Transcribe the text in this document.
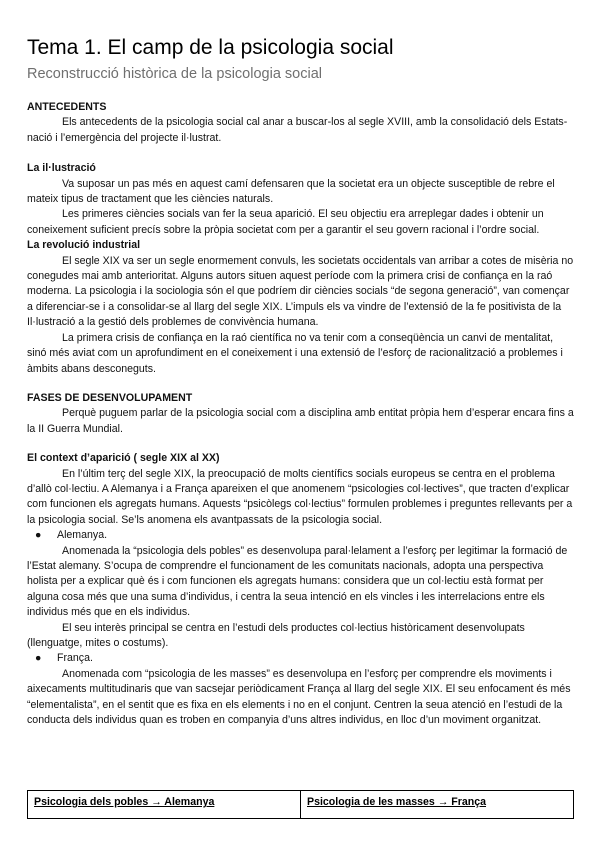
Tema 1. El camp de la psicologia social
Reconstrucció històrica de la psicologia social

ANTECEDENTS

Els antecedents de la psicologia social cal anar a buscar-los al segle XVIII, amb la consolidació dels Estats-nació i l’emergència del projecte il·lustrat.

La il·lustració

Va suposar un pas més en aquest camí defensaren que la societat era un objecte susceptible de rebre el mateix tipus de tractament que les ciències naturals.

Les primeres ciències socials van fer la seua aparició. El seu objectiu era arreplegar dades i obtenir un coneixement suficient precís sobre la pròpia societat com per a garantir el seu govern racional i l’ordre social.

La revolució industrial

El segle XIX va ser un segle enormement convuls, les societats occidentals van arribar a cotes de misèria no conegudes mai amb anterioritat. Alguns autors situen aquest període com la primera crisi de confiança en la raó moderna. La psicologia i la sociologia són el que podríem dir ciències socials “de segona generació”, van començar a diferenciar-se i a consolidar-se al llarg del segle XIX. L’impuls els va vindre de l’extensió de la fe positivista de la Il·lustració a la gestió dels problemes de convivència humana.

La primera crisis de confiança en la raó científica no va tenir com a conseqüència un canvi de mentalitat, sinó més aviat com un aprofundiment en el coneixement i una extensió de l’esforç de racionalització a problemes i àmbits abans desconeguts.

FASES DE DESENVOLUPAMENT

Perquè puguem parlar de la psicologia social com a disciplina amb entitat pròpia hem d’esperar encara fins a la II Guerra Mundial.

El context d’aparició ( segle XIX al XX)

En l’últim terç del segle XIX, la preocupació de molts científics socials europeus se centra en el problema d’allò col·lectiu. A Alemanya i a França apareixen el que anomenem “psicologies col·lectives”, que tracten d’explicar com funcionen els agregats humans. Aquests “psicòlegs col·lectius” formulen problemes i preguntes rellevants per a la psicologia social. Se’ls anomena els avantpassats de la psicologia social.

●	Alemanya.

Anomenada la “psicologia dels pobles” es desenvolupa paral·lelament a l’esforç per legitimar la formació de l’Estat alemany. S’ocupa de comprendre el funcionament de les comunitats nacionals, adopta una perspectiva holista per a explicar què és i com funcionen els agregats humans: considera que un col·lectiu està format per alguna cosa més que una suma d’individus, i centra la seua intenció en els vincles i les interrelacions entre els individus més que en els individus.

El seu interès principal se centra en l’estudi dels productes col·lectius històricament desenvolupats (llenguatge, mites o costums).

●	França.

Anomenada com “psicologia de les masses” es desenvolupa en l’esforç per comprendre els moviments i aixecaments multitudinaris que van sacsejar periòdicament França al llarg del segle XIX. El seu enfocament és més “elementalista”, en el sentit que es fixa en els elements i no en el conjunt. Centren la seua atenció en l’estudi de la conducta dels individus quan es troben en companyia d’uns altres individus, en lloc d’un moviment organitzat.

Psicologia dels pobles → Alemanya	Psicologia de les masses → França
